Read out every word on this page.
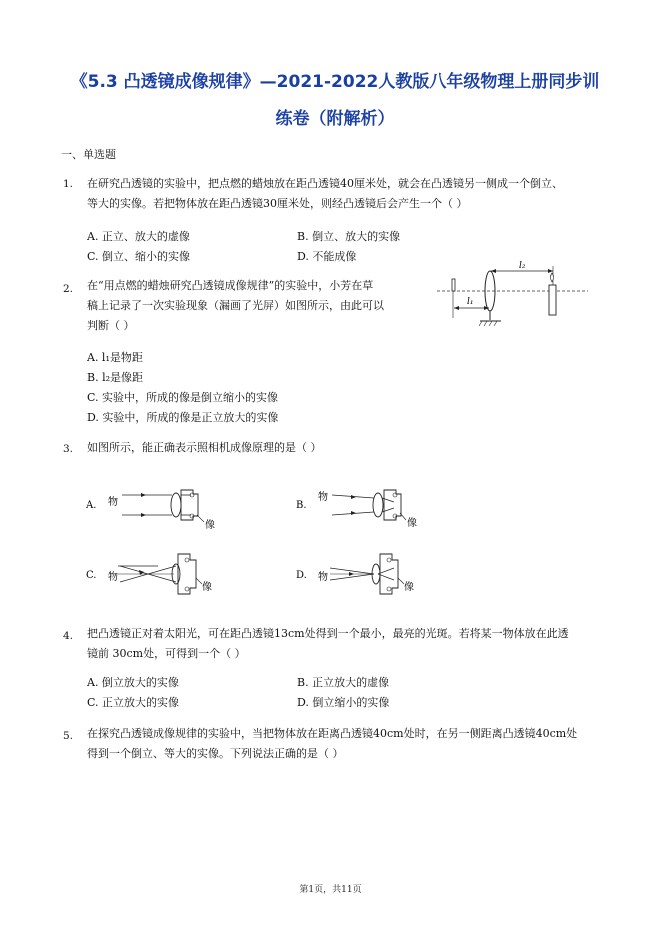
《5.3 凸透镜成像规律》—2021-2022人教版八年级物理上册同步训
练卷（附解析）
一、单选题
1. 在研究凸透镜的实验中，把点燃的蜡烛放在距凸透镜40厘米处，就会在凸透镜另一侧成一个倒立、
等大的实像。若把物体放在距凸透镜30厘米处，则经凸透镜后会产生一个（ ）
A. 正立、放大的虚像	B. 倒立、放大的实像
C. 倒立、缩小的实像	D. 不能成像
2. 在“用点燃的蜡烛研究凸透镜成像规律”的实验中，小芳在草
稿上记录了一次实验现象（漏画了光屏）如图所示，由此可以
判断（ ）
l₁
l₂
A. l₁是物距
B. l₂是像距
C. 实验中，所成的像是倒立缩小的实像
D. 实验中，所成的像是正立放大的实像
3. 如图所示，能正确表示照相机成像原理的是（ ）
A. 物
像
B.
物
像
C. 物
像
D. 物
像
4. 把凸透镜正对着太阳光，可在距凸透镜13cm处得到一个最小，最亮的光斑。若将某一物体放在此透
镜前 30cm处，可得到一个（ ）
A. 倒立放大的实像	B. 正立放大的虚像
C. 正立放大的实像	D. 倒立缩小的实像
5. 在探究凸透镜成像规律的实验中，当把物体放在距离凸透镜40cm处时，在另一侧距离凸透镜40cm处
得到一个倒立、等大的实像。下列说法正确的是（ ）
第1页，共11页
